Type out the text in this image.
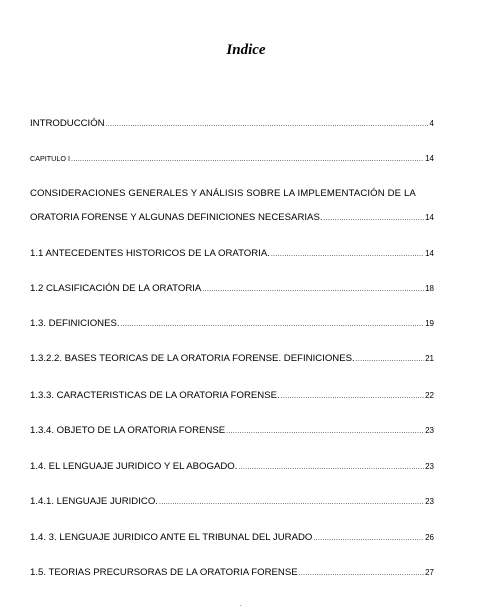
Indice
INTRODUCCIÓN .....	4
CAPITULO I .....	14
CONSIDERACIONES GENERALES Y ANÁLISIS SOBRE LA IMPLEMENTACIÓN DE LA
ORATORIA FORENSE Y ALGUNAS DEFINICIONES NECESARIAS. .....	14
1.1 ANTECEDENTES HISTORICOS DE LA ORATORIA. .....	14
1.2 CLASIFICACIÓN DE LA ORATORIA .....	18
1.3. DEFINICIONES. .....	19
1.3.2.2. BASES TEORICAS DE LA ORATORIA FORENSE. DEFINICIONES. .....	21
1.3.3. CARACTERISTICAS DE LA ORATORIA FORENSE. .....	22
1.3.4. OBJETO DE LA ORATORIA FORENSE .....	23
1.4. EL LENGUAJE JURIDICO Y EL ABOGADO. .....	23
1.4.1. LENGUAJE JURIDICO. .....	23
1.4. 3. LENGUAJE JURIDICO ANTE EL TRIBUNAL DEL JURADO .....	26
1.5. TEORIAS PRECURSORAS DE LA ORATORIA FORENSE .....	27
.
